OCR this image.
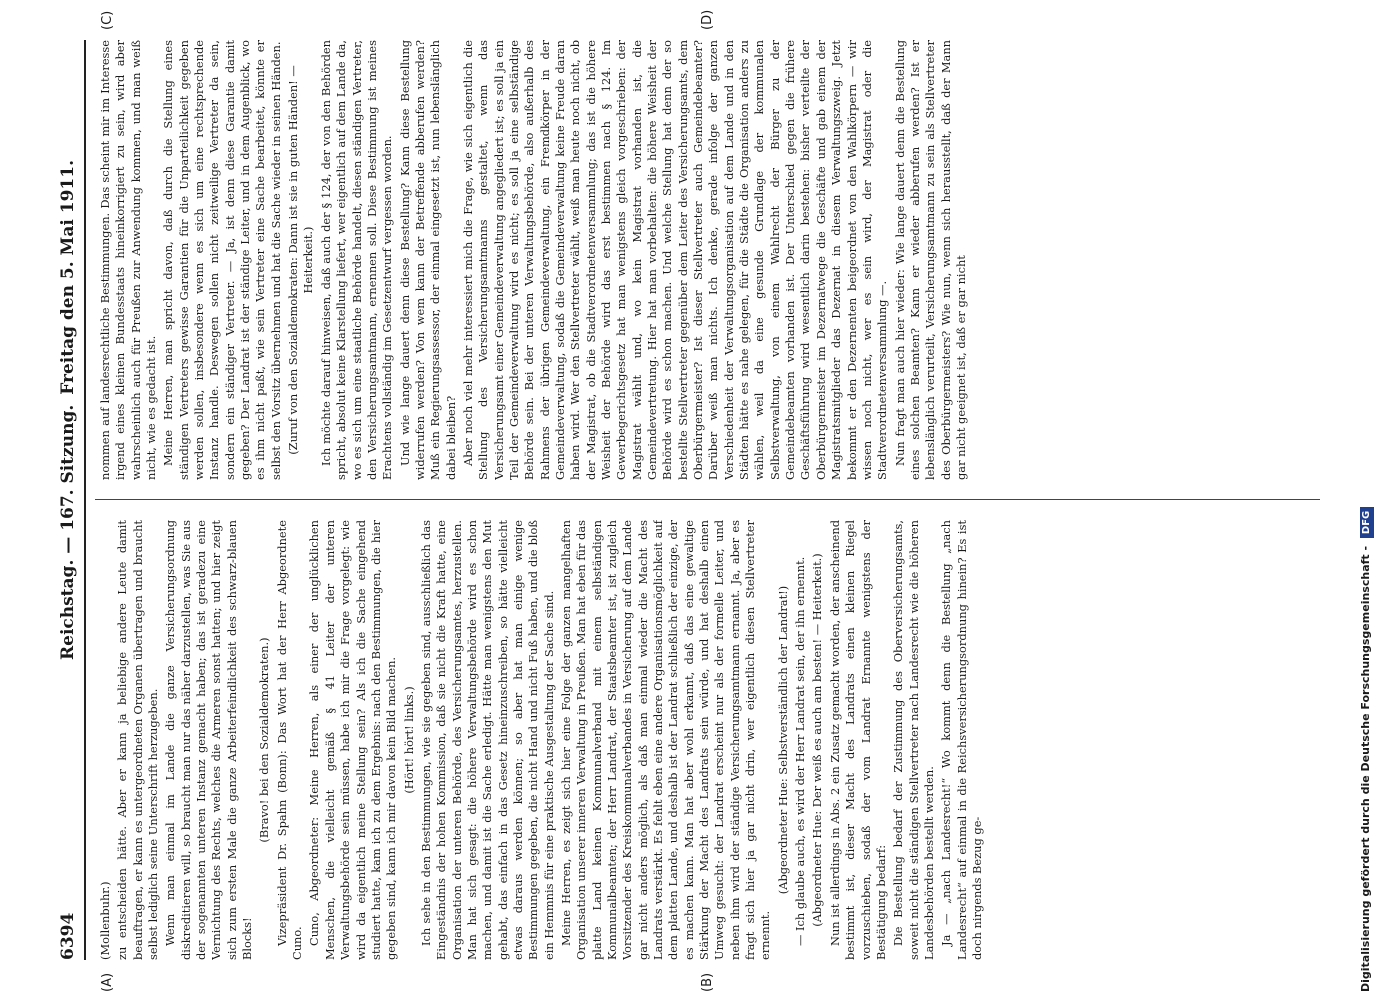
6394
Reichstag. — 167. Sitzung.
Freitag den 5. Mai 1911.
(A)	(B)
(C)	(D)

(Mollenbuhr.) zu entscheiden hätte. Aber er kann ja beliebige andere Leute damit beauftragen, er kann es untergeordneten Organen übertragen und braucht selbst lediglich seine Unterschrift herzugeben. Wenn man einmal im Lande die ganze Versicherungsordnung diskreditieren will, so braucht man nur das näher darzustellen, was Sie aus der sogenannten unteren Instanz gemacht haben; das ist geradezu eine Vernichtung des Rechts, welches die Armeren sonst hatten; und hier zeigt sich zum ersten Male die ganze Arbeiterfeindlichkeit des schwarz-blauen Blocks!

(Bravo! bei den Sozialdemokraten.) Vizepräsident Dr. Spahn (Bonn): Das Wort hat der Herr Abgeordnete Cuno. Cuno, Abgeordneter: Meine Herren, als einer der unglücklichen Menschen, die vielleicht gemäß § 41 Leiter der unteren Verwaltungsbehörde sein müssen, habe ich mir die Frage vorgelegt: wie wird da eigentlich meine Stellung sein? Als ich die Sache eingehend studiert hatte, kam ich zu dem Ergebnis: nach den Bestimmungen, die hier gegeben sind, kann ich mir davon kein Bild machen. (Hört! hört! links.) Ich sehe in den Bestimmungen, wie sie gegeben sind, ausschließlich das Eingeständnis der hohen Kommission, daß sie nicht die Kraft hatte, eine Organisation der unteren Behörde, des Versicherungsamtes, herzustellen. Man hat sich gesagt: die höhere Verwaltungsbehörde wird es schon machen, und damit ist die Sache erledigt. Hätte man wenigstens den Mut gehabt, das einfach in das Gesetz hineinzuschreiben, so hätte vielleicht etwas daraus werden können; so aber hat man einige wenige Bestimmungen gegeben, die nicht Hand und nicht Fuß haben, und die bloß ein Hemmnis für eine praktische Ausgestaltung der Sache sind. Meine Herren, es zeigt sich hier eine Folge der ganzen mangelhaften Organisation unserer inneren Verwaltung in Preußen. Man hat eben für das platte Land keinen Kommunalverband mit einem selbständigen Kommunalbeamten; der Herr Landrat, der Staatsbeamter ist, ist zugleich Vorsitzender des Kreiskommunalverbandes in Versicherung auf dem Lande gar nicht anders möglich, als daß man einmal wieder die Macht des Landrats verstärkt. Es fehlt eben eine andere Organisationsmöglichkeit auf dem platten Lande, und deshalb ist der Landrat schließlich der einzige, der es machen kann. Man hat aber wohl erkannt, daß das eine gewaltige Stärkung der Macht des Landrats sein würde, und hat deshalb einen Umweg gesucht: der Landrat erscheint nur als der formelle Leiter, und neben ihm wird der ständige Versicherungsamtmann ernannt. Ja, aber es fragt sich hier ja gar nicht drin, wer eigentlich diesen Stellvertreter ernennt.

(Abgeordneter Hue: Selbstverständlich der Landrat!) — Ich glaube auch, es wird der Herr Landrat sein, der ihn ernennt. (Abgeordneter Hue: Der weiß es auch am besten! — Heiterkeit.) Nun ist allerdings in Abs. 2 ein Zusatz gemacht worden, der anscheinend bestimmt ist, dieser Macht des Landrats einen kleinen Riegel vorzuschieben, sodaß der vom Landrat Ernannte wenigstens der Bestätigung bedarf: Die Bestellung bedarf der Zustimmung des Oberversicherungsamts, soweit nicht die ständigen Stellvertreter nach Landesrecht wie die höheren Landesbehörden bestellt werden. Ja — „nach Landesrecht!“ Wo kommt denn die Bestellung „nach Landesrecht“ auf einmal in die Reichsversicherungsordnung hinein? Es ist doch nirgends Bezug ge-

nommen auf landesrechtliche Bestimmungen. Das scheint mir im Interesse irgend eines kleinen Bundesstaats hineinkorrigiert zu sein, wird aber wahrscheinlich auch für Preußen zur Anwendung kommen, und man weiß nicht, wie es gedacht ist. Meine Herren, man spricht davon, daß durch die Stellung eines ständigen Vertreters gewisse Garantien für die Unparteilichkeit gegeben werden sollen, insbesondere wenn es sich um eine rechtsprechende Instanz handle. Deswegen sollen nicht zeitweilige Vertreter da sein, sondern ein ständiger Vertreter. — Ja, ist denn diese Garantie damit gegeben? Der Landrat ist der ständige Leiter, und in dem Augenblick, wo es ihm nicht paßt, wie sein Vertreter eine Sache bearbeitet, könnte er selbst den Vorsitz übernehmen und hat die Sache wieder in seinen Händen. (Zuruf von den Sozialdemokraten: Dann ist sie in guten Händen! — Heiterkeit.) Ich möchte darauf hinweisen, daß auch der § 124, der von den Behörden spricht, absolut keine Klarstellung liefert, wer eigentlich auf dem Lande da, wo es sich um eine staatliche Behörde handelt, diesen ständigen Vertreter, den Versicherungsamtmann, ernennen soll. Diese Bestimmung ist meines Erachtens vollständig im Gesetzentwurf vergessen worden. Und wie lange dauert denn diese Bestellung? Kann diese Bestellung widerrufen werden? Von wem kann der Betreffende abberufen werden? Muß ein Regierungsassessor, der einmal eingesetzt ist, nun lebenslänglich dabei bleiben? Aber noch viel mehr interessiert mich die Frage, wie sich eigentlich die Stellung des Versicherungsamtmanns gestaltet, wenn das Versicherungsamt einer Gemeindeverwaltung angegliedert ist; es soll ja ein Teil der Gemeindeverwaltung wird es nicht; es soll ja eine selbständige Behörde sein. Bei der unteren Verwaltungsbehörde, also außerhalb des Rahmens der übrigen Gemeindeverwaltung, ein Fremdkörper in der Gemeindeverwaltung, sodaß die Gemeindeverwaltung keine Freude daran haben wird. Wer den Stellvertreter wählt, weiß man heute noch nicht, ob der Magistrat, ob die Stadtverordnetenversammlung; das ist die höhere Weisheit der Behörde wird das erst bestimmen nach § 124. Im Gewerbegerichtsgesetz hat man wenigstens gleich vorgeschrieben: der Magistrat wählt und, wo kein Magistrat vorhanden ist, die Gemeindevertretung. Hier hat man vorbehalten: die höhere Weisheit der Behörde wird es schon machen. Und welche Stellung hat denn der so bestellte Stellvertreter gegenüber dem Leiter des Versicherungsamts, dem Oberbürgermeister? Ist dieser Stellvertreter auch Gemeindebeamter? Darüber weiß man nichts. Ich denke, gerade infolge der ganzen Verschiedenheit der Verwaltungsorganisation auf dem Lande und in den Städten hätte es nahe gelegen, für die Städte die Organisation anders zu wählen, weil da eine gesunde Grundlage der kommunalen Selbstverwaltung, von einem Wahlrecht der Bürger zu der Gemeindebeamten vorhanden ist. Der Unterschied gegen die frühere Geschäftsführung wird wesentlich darin bestehen: bisher verteilte der Oberbürgermeister im Dezernatwege die Geschäfte und gab einem der Magistratsmitglieder das Dezernat in diesem Verwaltungszweig. Jetzt bekommt er den Dezernenten beigeordnet von den Wahlkörpern — wir wissen noch nicht, wer es sein wird, der Magistrat oder die Stadtverordnetenversammlung —. Nun fragt man auch hier wieder: Wie lange dauert denn die Bestellung eines solchen Beamten? Kann er wieder abberufen werden? Ist er lebenslänglich verurteilt, Versicherungsamtmann zu sein als Stellvertreter des Oberbürgermeisters? Wie nun, wenn sich herausstellt, daß der Mann gar nicht geeignet ist, daß er gar nicht

Digitalisierung gefördert durch die Deutsche Forschungsgemeinschaft - DFG
